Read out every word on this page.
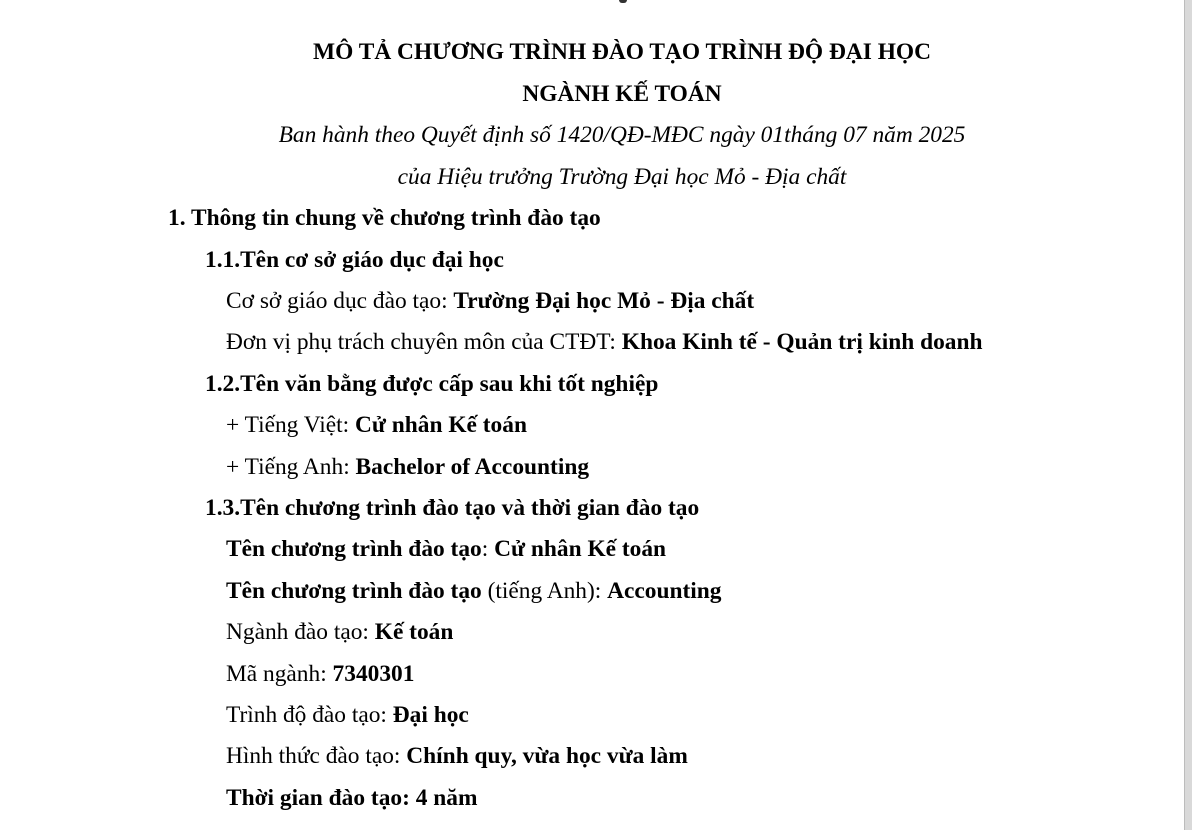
MÔ TẢ CHƯƠNG TRÌNH ĐÀO TẠO TRÌNH ĐỘ ĐẠI HỌC

NGÀNH KẾ TOÁN

Ban hành theo Quyết định số 1420/QĐ-MĐC ngày 01tháng 07 năm 2025

của Hiệu trưởng Trường Đại học Mỏ - Địa chất

1. Thông tin chung về chương trình đào tạo

1.1.Tên cơ sở giáo dục đại học

Cơ sở giáo dục đào tạo: Trường Đại học Mỏ - Địa chất

Đơn vị phụ trách chuyên môn của CTĐT: Khoa Kinh tế - Quản trị kinh doanh

1.2.Tên văn bằng được cấp sau khi tốt nghiệp

+ Tiếng Việt: Cử nhân Kế toán

+ Tiếng Anh: Bachelor of Accounting

1.3.Tên chương trình đào tạo và thời gian đào tạo

Tên chương trình đào tạo: Cử nhân Kế toán

Tên chương trình đào tạo (tiếng Anh): Accounting

Ngành đào tạo: Kế toán

Mã ngành: 7340301

Trình độ đào tạo: Đại học

Hình thức đào tạo: Chính quy, vừa học vừa làm

Thời gian đào tạo: 4 năm
